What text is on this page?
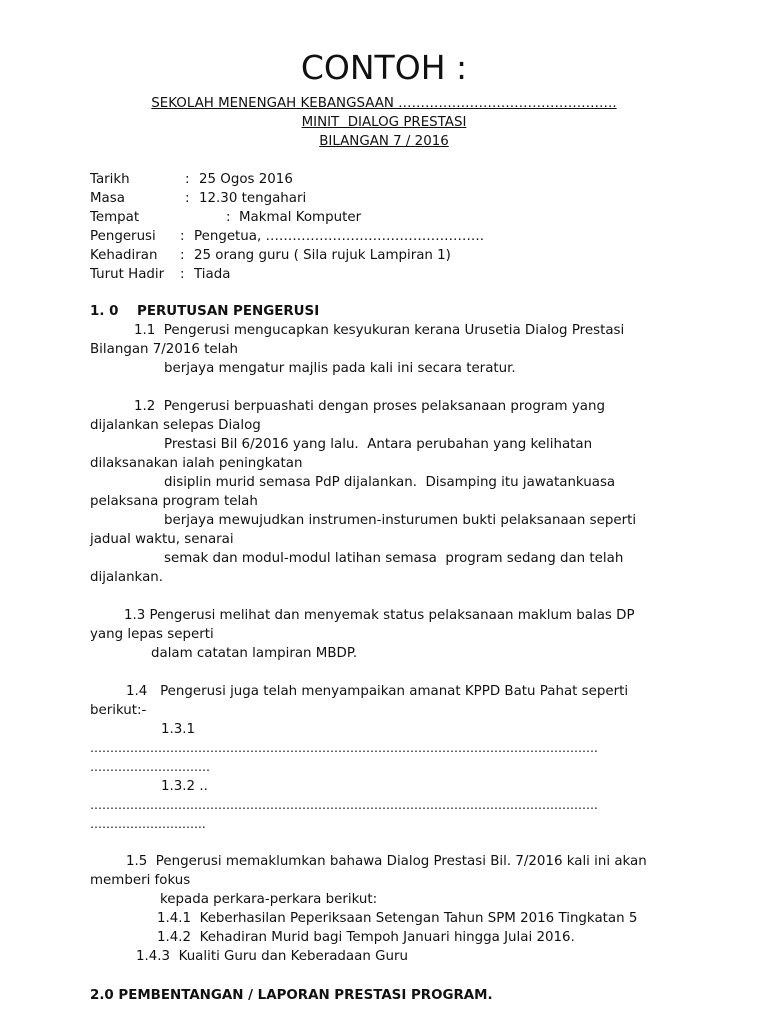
CONTOH :
SEKOLAH MENENGAH KEBANGSAAN ………………………………………….
MINIT  DIALOG PRESTASI
BILANGAN 7 / 2016
Tarikh	: 25 Ogos 2016
Masa	: 12.30 tengahari
Tempat	: Makmal Komputer
Pengerusi : Pengetua, ………………………………………….
Kehadiran : 25 orang guru ( Sila rujuk Lampiran 1)
Turut Hadir : Tiada
1. 0    PERUTUSAN PENGERUSI
1.1  Pengerusi mengucapkan kesyukuran kerana Urusetia Dialog Prestasi
Bilangan 7/2016 telah
berjaya mengatur majlis pada kali ini secara teratur.
1.2  Pengerusi berpuashati dengan proses pelaksanaan program yang
dijalankan selepas Dialog
Prestasi Bil 6/2016 yang lalu.  Antara perubahan yang kelihatan
dilaksanakan ialah peningkatan
disiplin murid semasa PdP dijalankan.  Disamping itu jawatankuasa
pelaksana program telah
berjaya mewujudkan instrumen-insturumen bukti pelaksanaan seperti
jadual waktu, senarai
semak dan modul-modul latihan semasa  program sedang dan telah
dijalankan.
1.3 Pengerusi melihat dan menyemak status pelaksanaan maklum balas DP
yang lepas seperti
dalam catatan lampiran MBDP.
1.4   Pengerusi juga telah menyampaikan amanat KPPD Batu Pahat seperti
berikut:-
1.3.1
……………………………………………………………………………………………………………….
…………………………
1.3.2 ..
……………………………………………………………………………………………………………….
………………………..
1.5  Pengerusi memaklumkan bahawa Dialog Prestasi Bil. 7/2016 kali ini akan
memberi fokus
kepada perkara-perkara berikut:
1.4.1  Keberhasilan Peperiksaan Setengan Tahun SPM 2016 Tingkatan 5
1.4.2  Kehadiran Murid bagi Tempoh Januari hingga Julai 2016.
1.4.3  Kualiti Guru dan Keberadaan Guru
2.0 PEMBENTANGAN / LAPORAN PRESTASI PROGRAM.
